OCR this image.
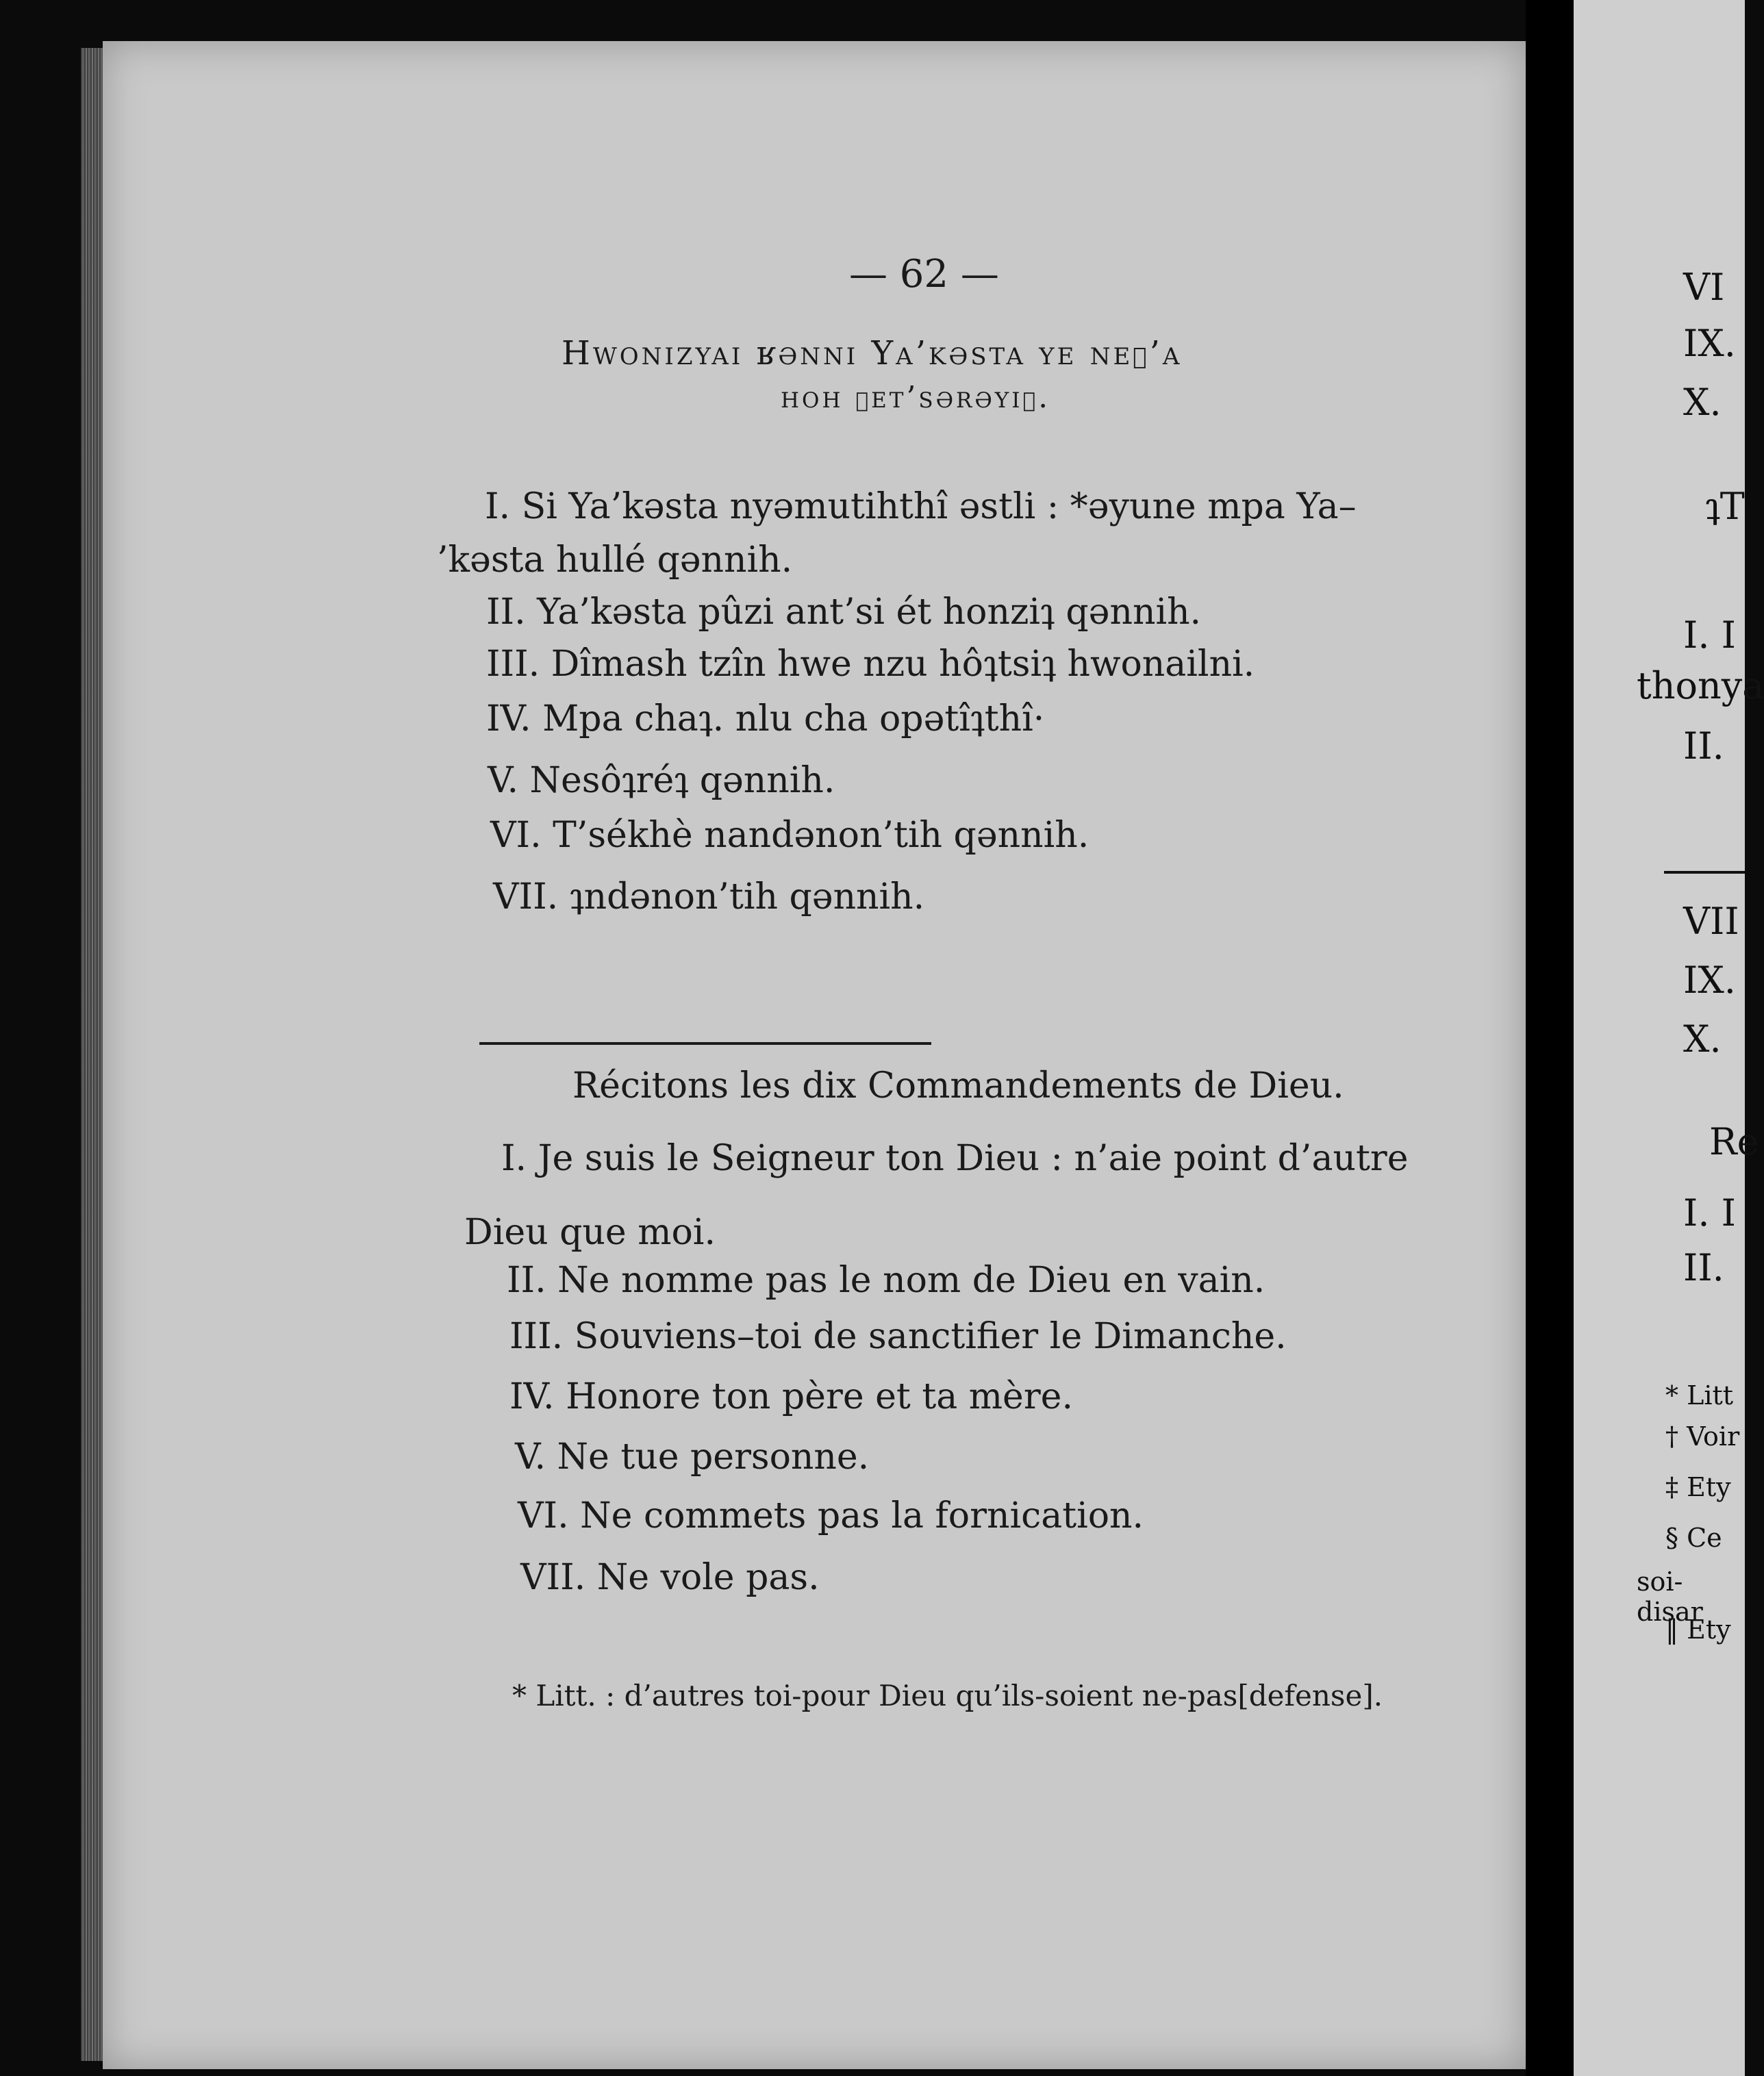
— 62 —
Hwonizyai ʁənni Ya’kəsta ye neʇ’a
hoh ʇet’sərəyiʇ.
I. Si Ya’kəsta nyəmutihthî əstli : *əyune mpa Ya–
’kəsta hullé qənnih.
II. Ya’kəsta pûzi ant’si ét honziʇ qənnih.
III. Dîmash tzîn hwe nzu hôʇtsiʇ hwonailni.
IV. Mpa chaʇ. nlu cha opətîʇthî·
V. Nesôʇréʇ qənnih.
VI. T’sékhè nandənon’tih qənnih.
VII. ʇndənon’tih qənnih.
Récitons les dix Commandements de Dieu.
I. Je suis le Seigneur ton Dieu : n’aie point d’autre
Dieu que moi.
II. Ne nomme pas le nom de Dieu en vain.
III. Souviens–toi de sanctifier le Dimanche.
IV. Honore ton père et ta mère.
V. Ne tue personne.
VI. Ne commets pas la fornication.
VII. Ne vole pas.
* Litt. : d’autres toi-pour Dieu qu’ils-soient ne-pas[defense].
VI
IX.
X.
ʇT
I. I
thonya
II.
VII
IX.
X.
Re
I. I
II.
* Litt
† Voir
‡ Ety
§ Ce
soi-disar
‖ Ety
